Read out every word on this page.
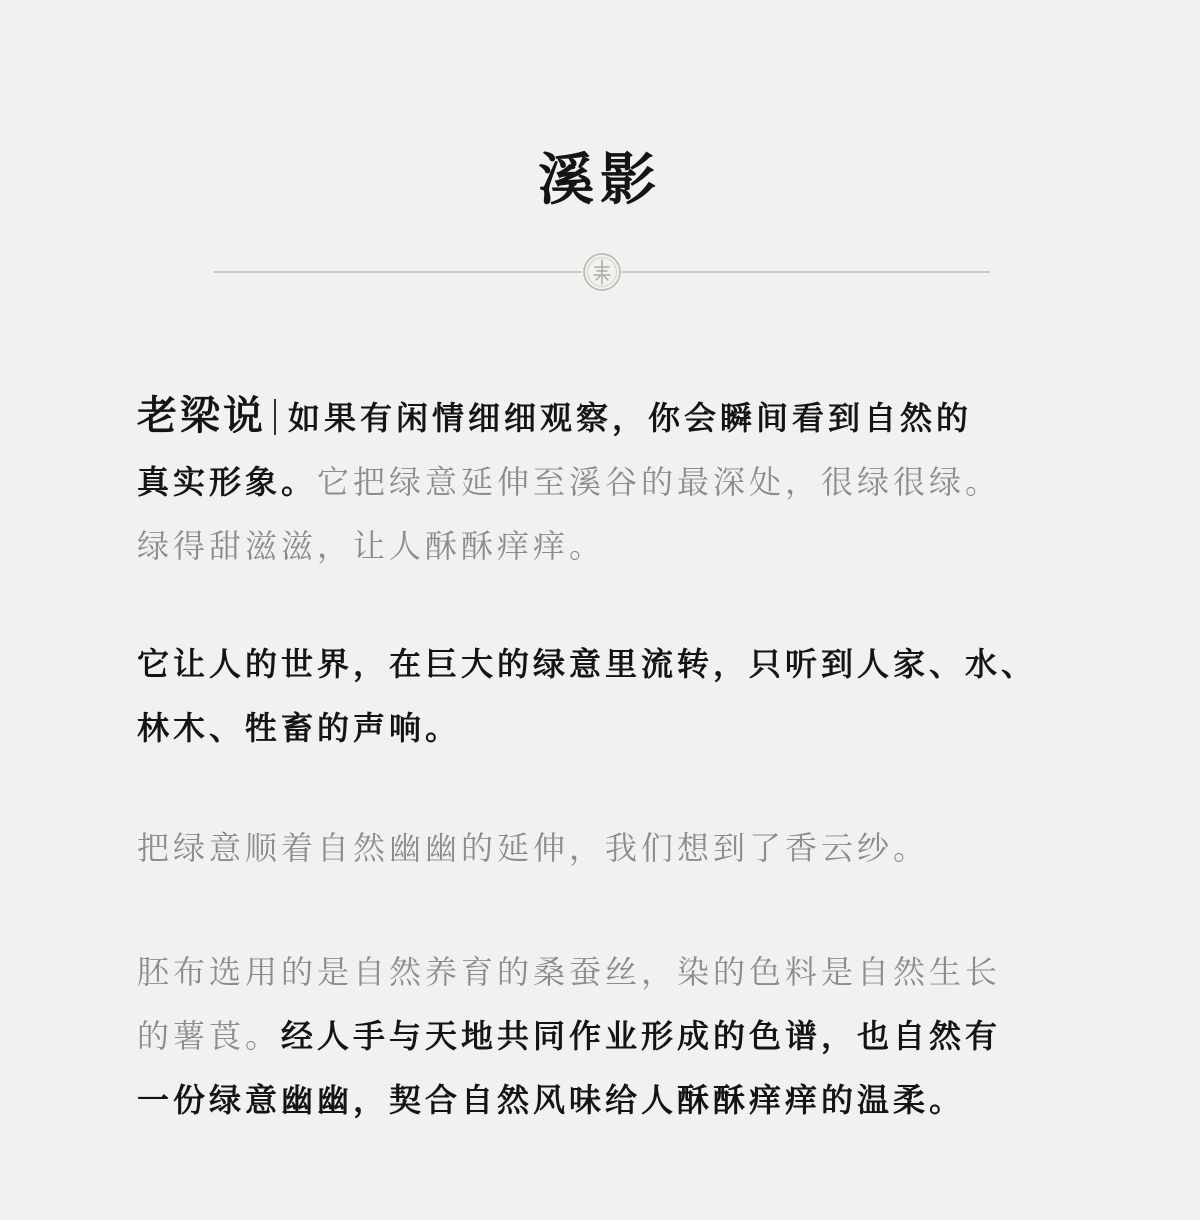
溪影

老梁说 如果有闲情细细观察，你会瞬间看到自然的

真实形象。它把绿意延伸至溪谷的最深处，很绿很绿。

绿得甜滋滋，让人酥酥痒痒。

它让人的世界，在巨大的绿意里流转，只听到人家、水、

林木、牲畜的声响。

把绿意顺着自然幽幽的延伸，我们想到了香云纱。

胚布选用的是自然养育的桑蚕丝，染的色料是自然生长

的薯莨。经人手与天地共同作业形成的色谱，也自然有

一份绿意幽幽，契合自然风味给人酥酥痒痒的温柔。
